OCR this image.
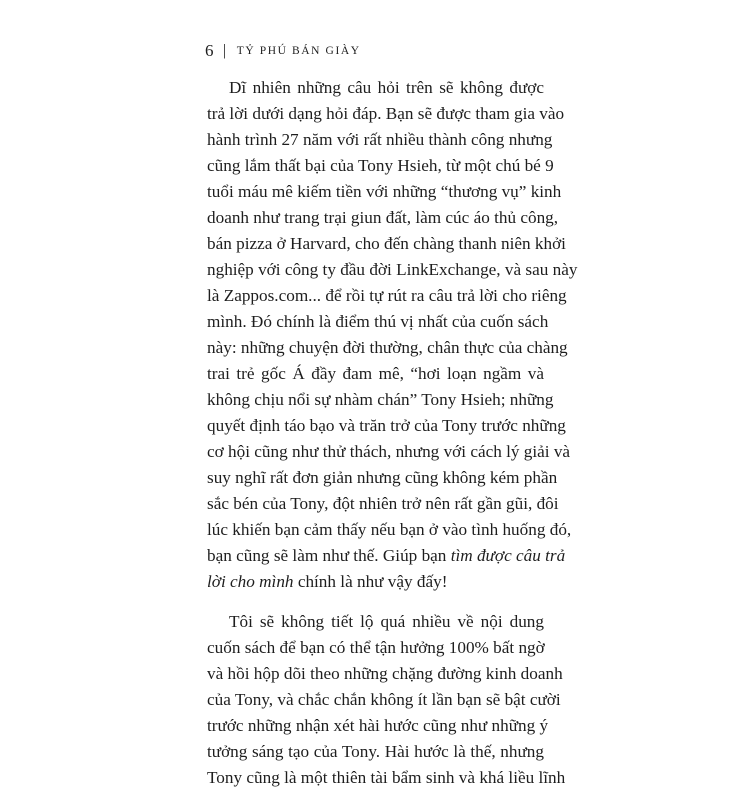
6 | TỶ PHÚ BÁN GIÀY
Dĩ nhiên những câu hỏi trên sẽ không được
trả lời dưới dạng hỏi đáp. Bạn sẽ được tham gia vào
hành trình 27 năm với rất nhiều thành công nhưng
cũng lắm thất bại của Tony Hsieh, từ một chú bé 9
tuổi máu mê kiếm tiền với những “thương vụ” kinh
doanh như trang trại giun đất, làm cúc áo thủ công,
bán pizza ở Harvard, cho đến chàng thanh niên khởi
nghiệp với công ty đầu đời LinkExchange, và sau này
là Zappos.com... để rồi tự rút ra câu trả lời cho riêng
mình. Đó chính là điểm thú vị nhất của cuốn sách
này: những chuyện đời thường, chân thực của chàng
trai trẻ gốc Á đầy đam mê, “hơi loạn ngầm và
không chịu nổi sự nhàm chán” Tony Hsieh; những
quyết định táo bạo và trăn trở của Tony trước những
cơ hội cũng như thử thách, nhưng với cách lý giải và
suy nghĩ rất đơn giản nhưng cũng không kém phần
sắc bén của Tony, đột nhiên trở nên rất gần gũi, đôi
lúc khiến bạn cảm thấy nếu bạn ở vào tình huống đó,
bạn cũng sẽ làm như thế. Giúp bạn tìm được câu trả
lời cho mình chính là như vậy đấy!
Tôi sẽ không tiết lộ quá nhiều về nội dung
cuốn sách để bạn có thể tận hưởng 100% bất ngờ
và hồi hộp dõi theo những chặng đường kinh doanh
của Tony, và chắc chắn không ít lần bạn sẽ bật cười
trước những nhận xét hài hước cũng như những ý
tưởng sáng tạo của Tony. Hài hước là thế, nhưng
Tony cũng là một thiên tài bẩm sinh và khá liều lĩnh
